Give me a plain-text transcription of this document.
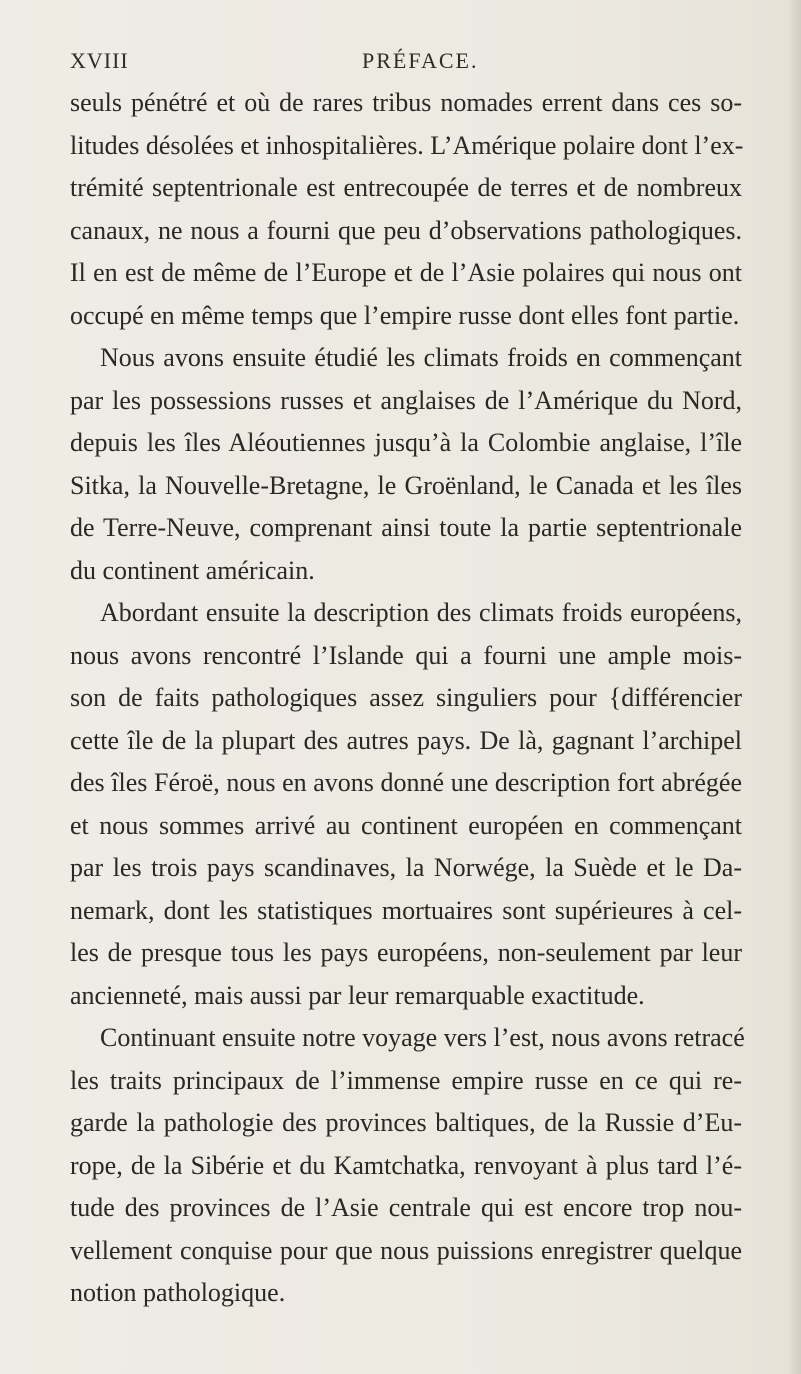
XVIII	PRÉFACE.
seuls pénétré et où de rares tribus nomades errent dans ces so-
litudes désolées et inhospitalières. L’Amérique polaire dont l’ex-
trémité septentrionale est entrecoupée de terres et de nombreux
canaux, ne nous a fourni que peu d’observations pathologiques.
Il en est de même de l’Europe et de l’Asie polaires qui nous ont
occupé en même temps que l’empire russe dont elles font partie.
Nous avons ensuite étudié les climats froids en commençant
par les possessions russes et anglaises de l’Amérique du Nord,
depuis les îles Aléoutiennes jusqu’à la Colombie anglaise, l’île
Sitka, la Nouvelle-Bretagne, le Groënland, le Canada et les îles
de Terre-Neuve, comprenant ainsi toute la partie septentrionale
du continent américain.
Abordant ensuite la description des climats froids européens,
nous avons rencontré l’Islande qui a fourni une ample mois-
son de faits pathologiques assez singuliers pour {différencier
cette île de la plupart des autres pays. De là, gagnant l’archipel
des îles Féroë, nous en avons donné une description fort abrégée
et nous sommes arrivé au continent européen en commençant
par les trois pays scandinaves, la Norwége, la Suède et le Da-
nemark, dont les statistiques mortuaires sont supérieures à cel-
les de presque tous les pays européens, non-seulement par leur
ancienneté, mais aussi par leur remarquable exactitude.
Continuant ensuite notre voyage vers l’est, nous avons retracé
les traits principaux de l’immense empire russe en ce qui re-
garde la pathologie des provinces baltiques, de la Russie d’Eu-
rope, de la Sibérie et du Kamtchatka, renvoyant à plus tard l’é-
tude des provinces de l’Asie centrale qui est encore trop nou-
vellement conquise pour que nous puissions enregistrer quelque
notion pathologique.
